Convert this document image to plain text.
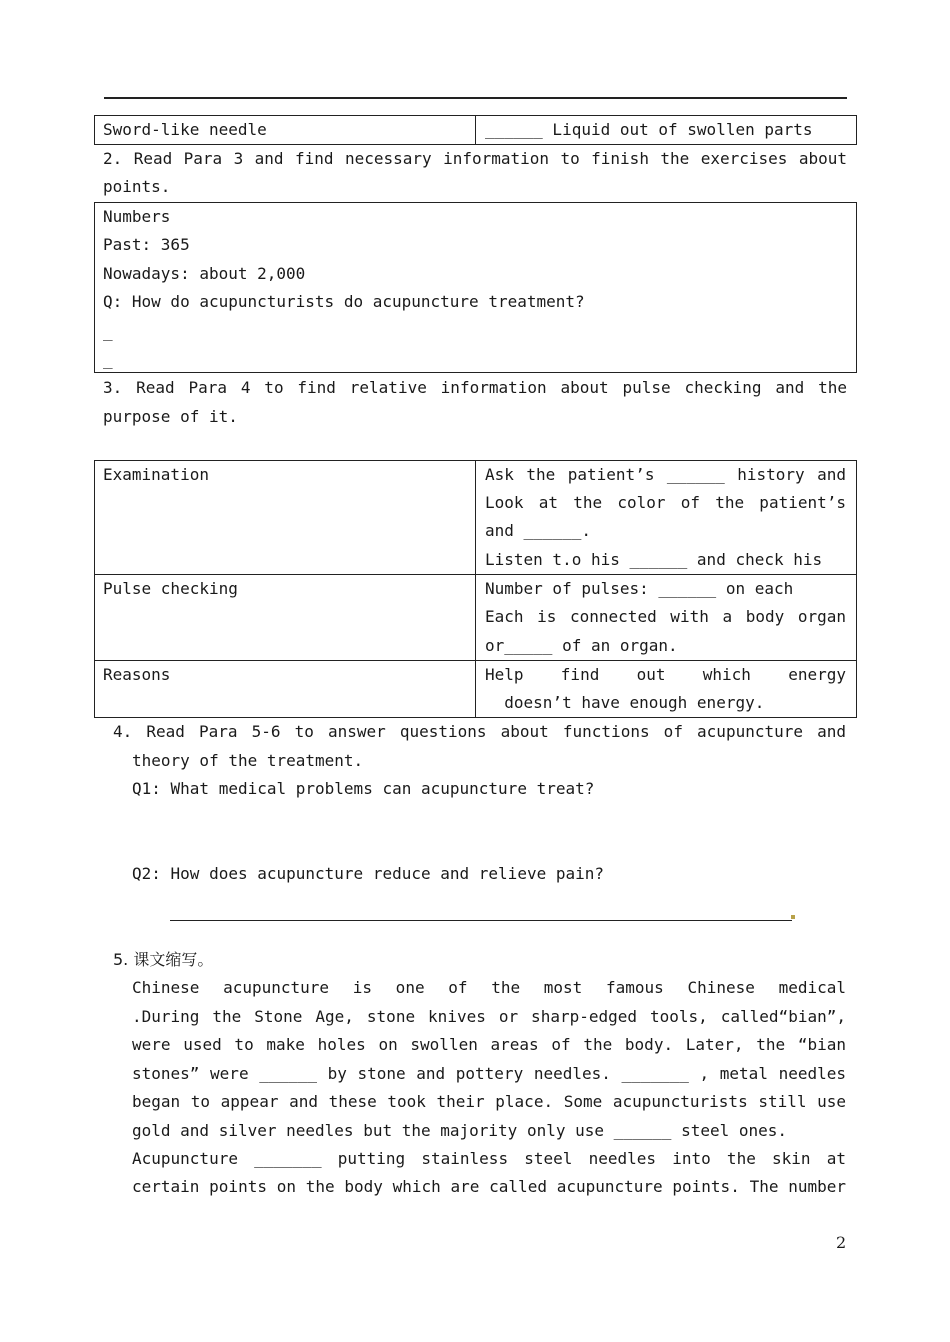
Sword-like needle	______ Liquid out of swollen parts
2. Read Para 3 and find necessary information to finish the exercises about
points.
Numbers
Past: 365
Nowadays: about 2,000
Q: How do acupuncturists do acupuncture treatment?
_
_
3. Read Para 4 to find relative information about pulse checking and the
purpose of it.
Examination	Ask the patient’s ______ history and
Look at the color of the patient’s
and ______.
Listen t.o his ______ and check his
Pulse checking	Number of pulses: ______ on each
Each is connected with a body organ
or_____ of an organ.
Reasons	Help find out which energy
doesn’t have enough energy.
4. Read Para 5-6 to answer questions about functions of acupuncture and
theory of the treatment.
Q1: What medical problems can acupuncture treat?
Q2: How does acupuncture reduce and relieve pain?
5. 课文缩写。
Chinese acupuncture is one of the most famous Chinese medical
.During the Stone Age, stone knives or sharp-edged tools, called“bian”,
were used to make holes on swollen areas of the body. Later, the “bian
stones” were ______ by stone and pottery needles. _______ , metal needles
began to appear and these took their place. Some acupuncturists still use
gold and silver needles but the majority only use ______ steel ones.
Acupuncture _______ putting stainless steel needles into the skin at
certain points on the body which are called acupuncture points. The number
2
